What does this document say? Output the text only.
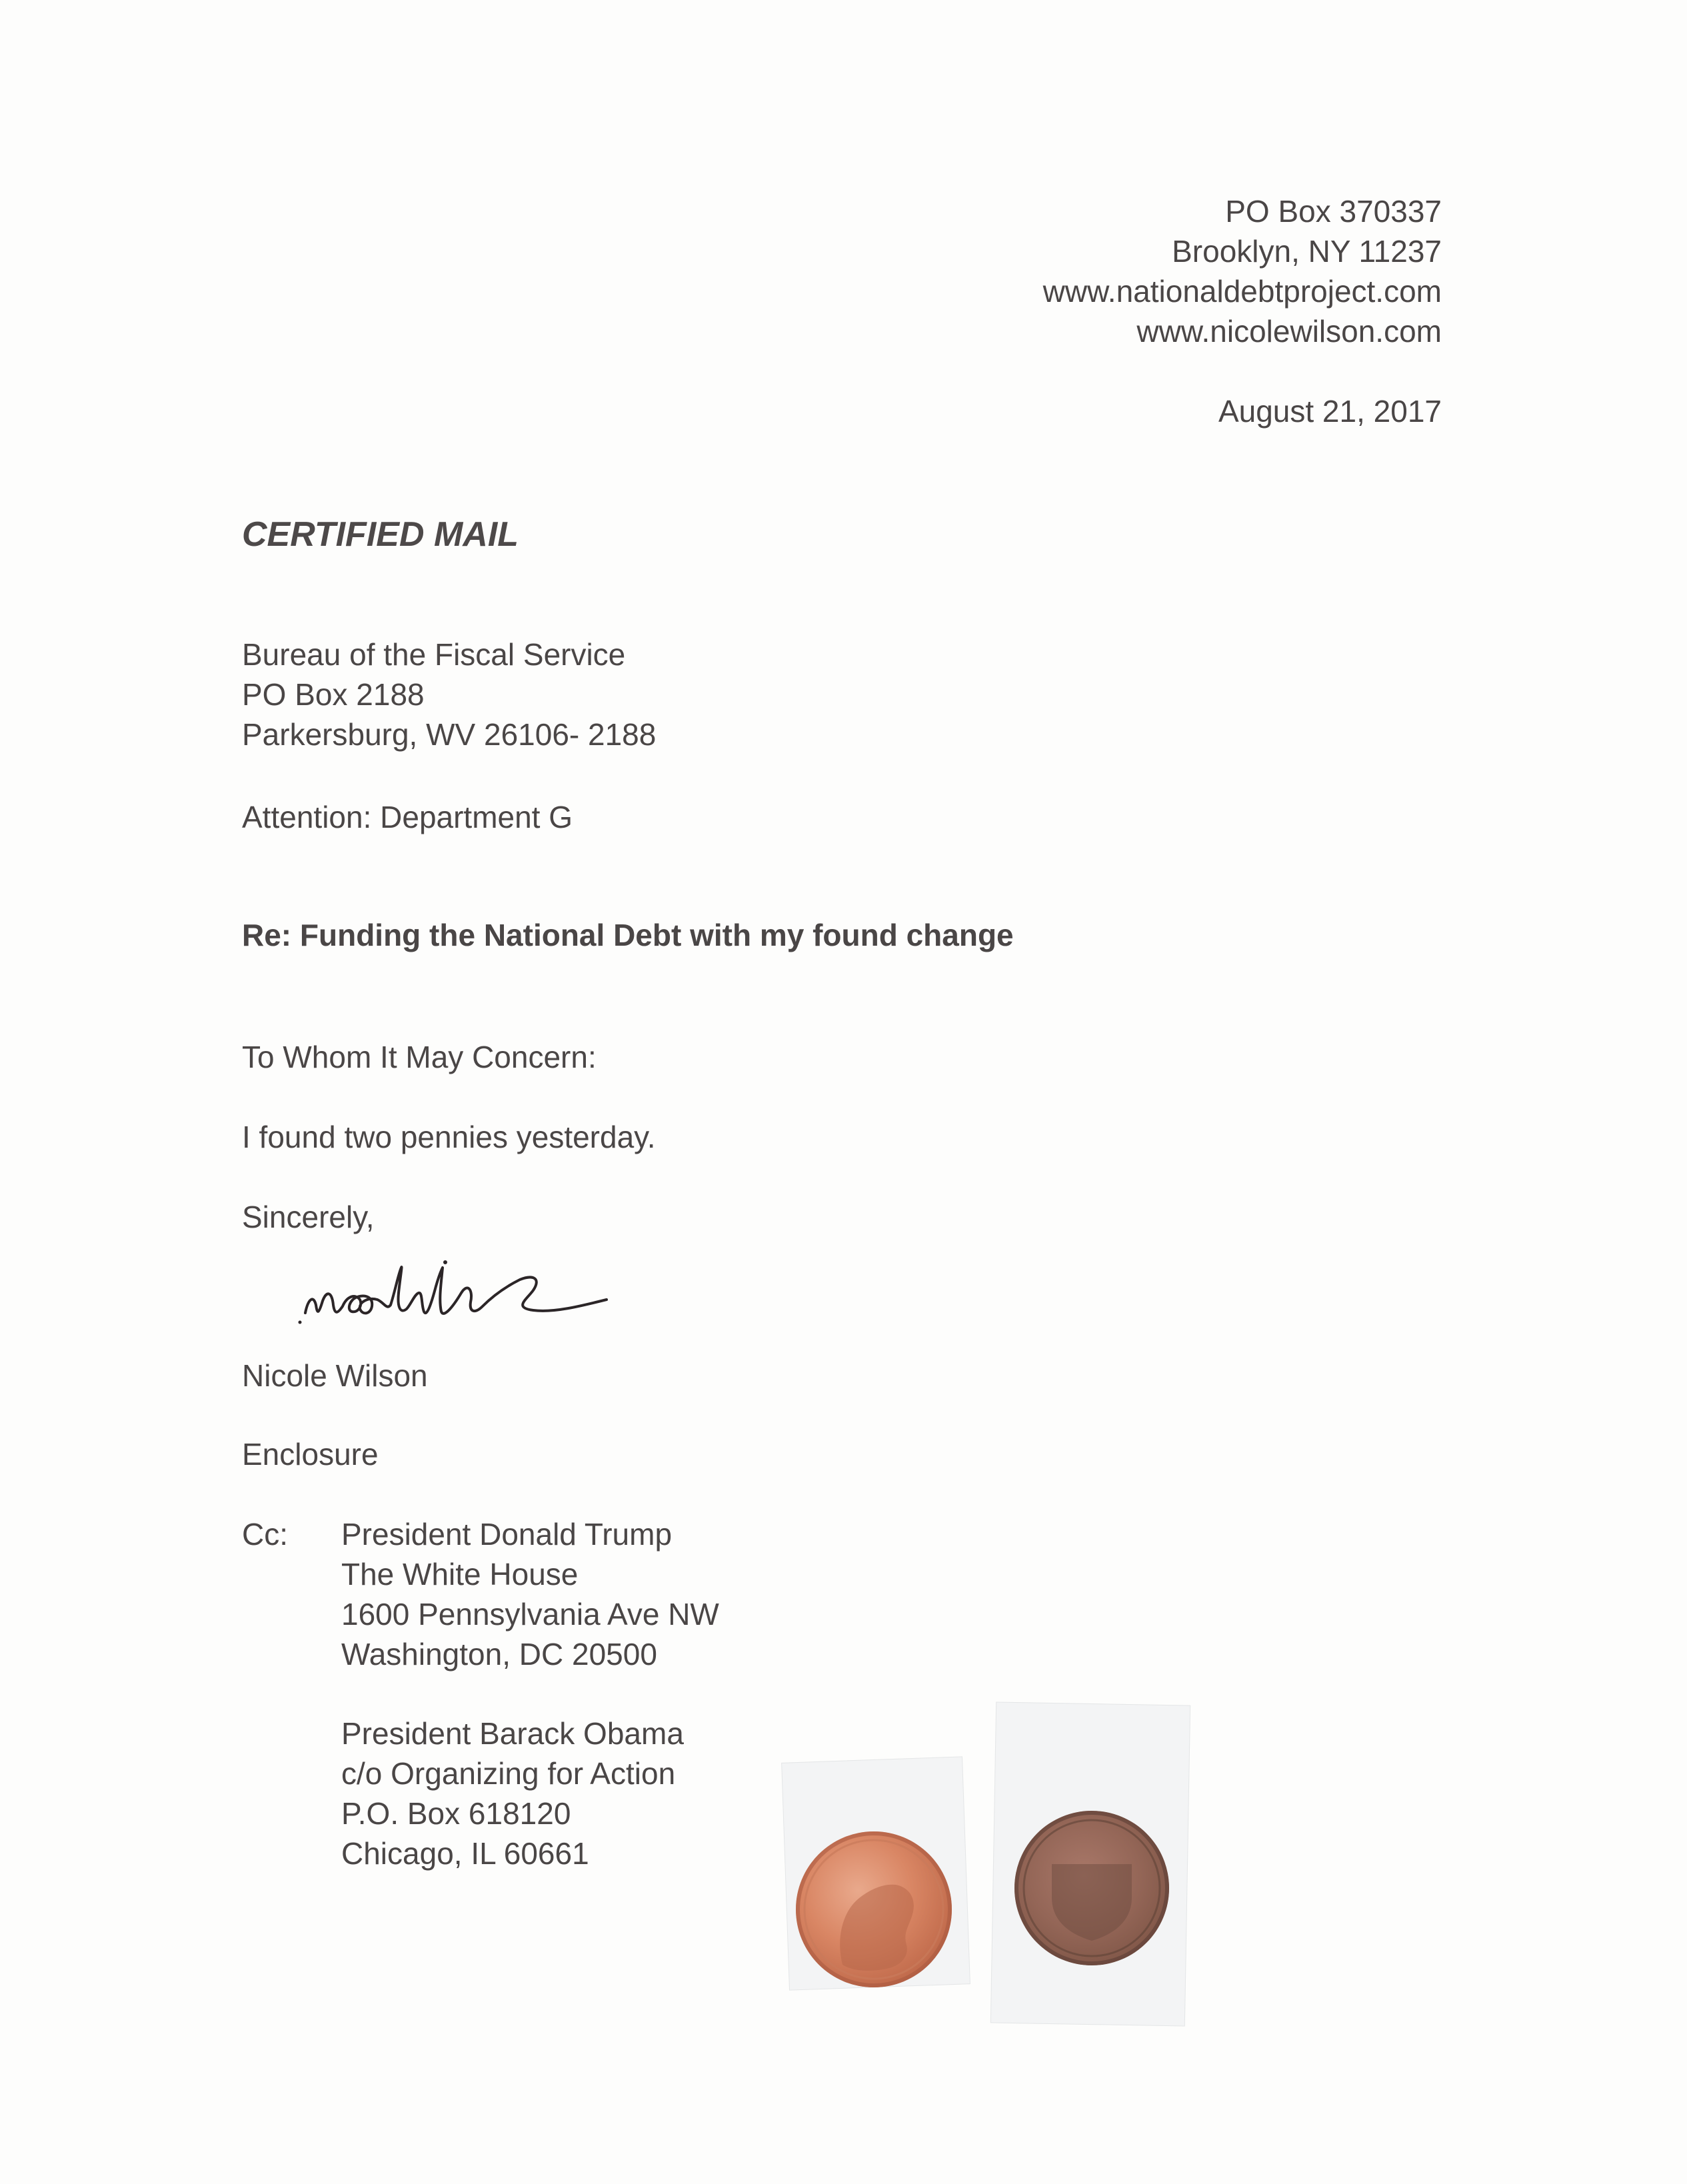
PO Box 370337
Brooklyn, NY 11237
www.nationaldebtproject.com
www.nicolewilson.com
August 21, 2017
CERTIFIED MAIL
Bureau of the Fiscal Service
PO Box 2188
Parkersburg, WV 26106- 2188
Attention: Department G
Re: Funding the National Debt with my found change
To Whom It May Concern:
I found two pennies yesterday.
Sincerely,
Nicole Wilson
Enclosure
Cc: President Donald Trump
The White House
1600 Pennsylvania Ave NW
Washington, DC 20500
President Barack Obama
c/o Organizing for Action
P.O. Box 618120
Chicago, IL 60661
